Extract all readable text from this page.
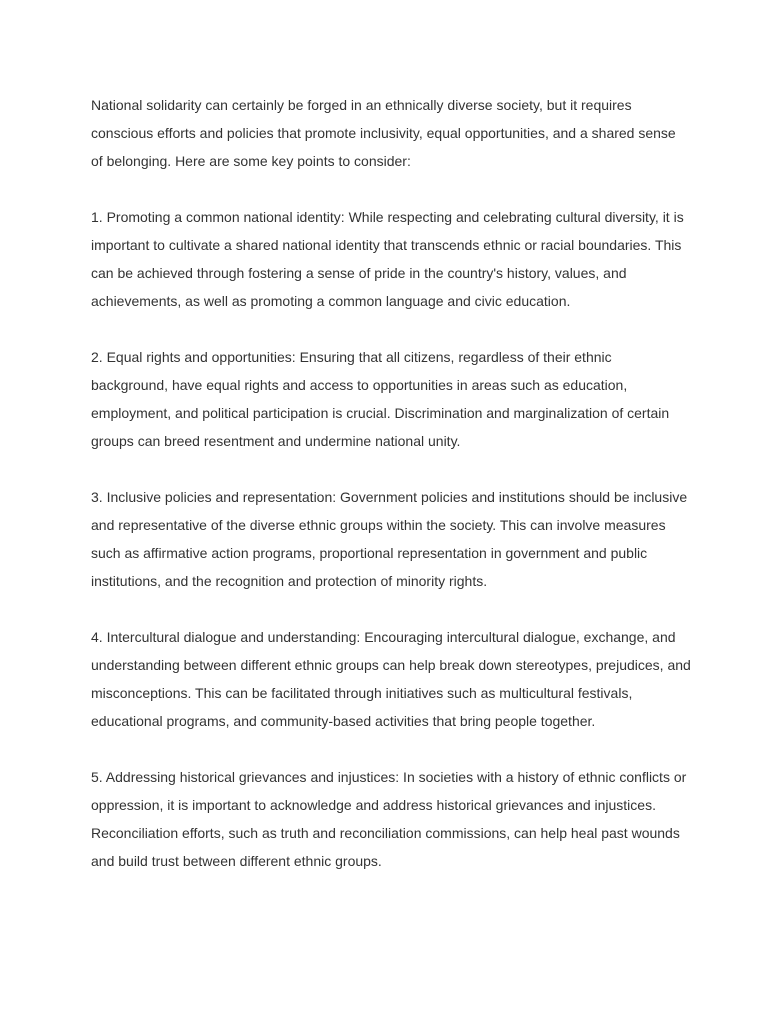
National solidarity can certainly be forged in an ethnically diverse society, but it requires conscious efforts and policies that promote inclusivity, equal opportunities, and a shared sense of belonging. Here are some key points to consider:

1. Promoting a common national identity: While respecting and celebrating cultural diversity, it is important to cultivate a shared national identity that transcends ethnic or racial boundaries. This can be achieved through fostering a sense of pride in the country's history, values, and achievements, as well as promoting a common language and civic education.

2. Equal rights and opportunities: Ensuring that all citizens, regardless of their ethnic background, have equal rights and access to opportunities in areas such as education, employment, and political participation is crucial. Discrimination and marginalization of certain groups can breed resentment and undermine national unity.

3. Inclusive policies and representation: Government policies and institutions should be inclusive and representative of the diverse ethnic groups within the society. This can involve measures such as affirmative action programs, proportional representation in government and public institutions, and the recognition and protection of minority rights.

4. Intercultural dialogue and understanding: Encouraging intercultural dialogue, exchange, and understanding between different ethnic groups can help break down stereotypes, prejudices, and misconceptions. This can be facilitated through initiatives such as multicultural festivals, educational programs, and community-based activities that bring people together.

5. Addressing historical grievances and injustices: In societies with a history of ethnic conflicts or oppression, it is important to acknowledge and address historical grievances and injustices. Reconciliation efforts, such as truth and reconciliation commissions, can help heal past wounds and build trust between different ethnic groups.
